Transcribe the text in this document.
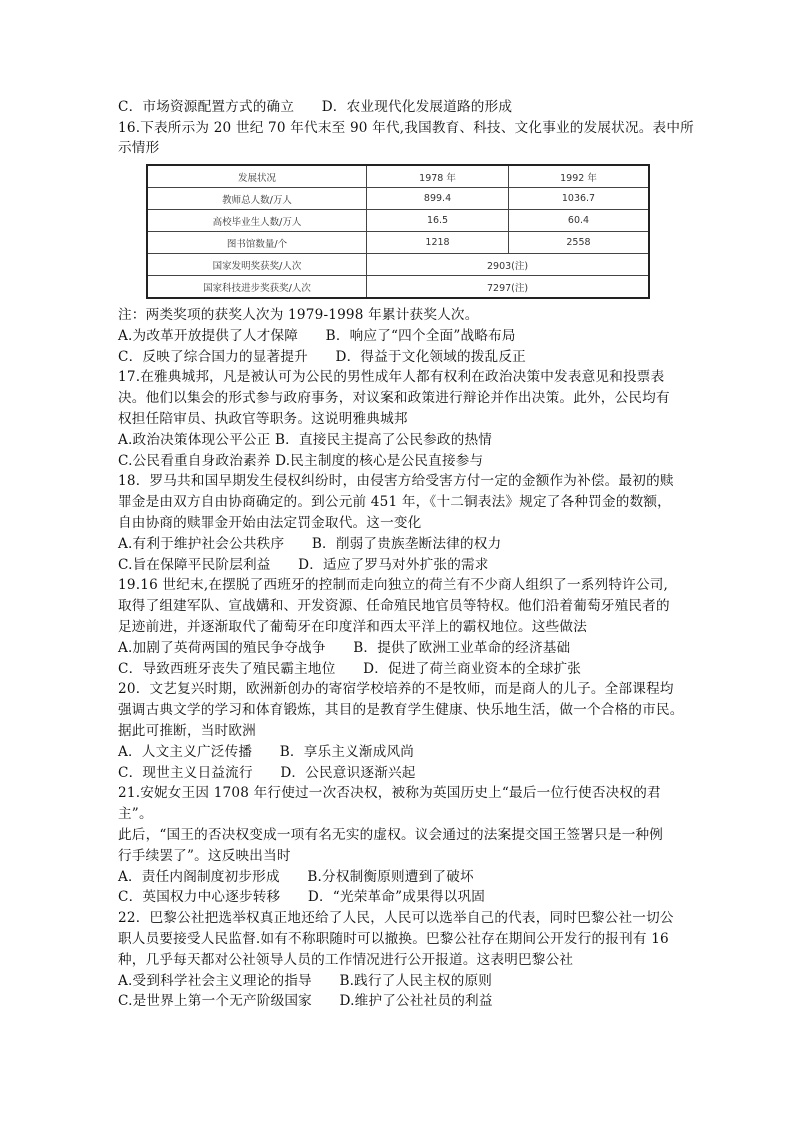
C．市场资源配置方式的确立　　D．农业现代化发展道路的形成
16.下表所示为 20 世纪 70 年代末至 90 年代,我国教育、科技、文化事业的发展状况。表中所
示情形
发展状况	1978 年	1992 年
教师总人数/万人	899.4	1036.7
高校毕业生人数/万人	16.5	60.4
图书馆数量/个	1218	2558
国家发明奖获奖/人次	2903(注)	
国家科技进步奖获奖/人次	7297(注)	
注：两类奖项的获奖人次为 1979-1998 年累计获奖人次。
A.为改革开放提供了人才保障　　B．响应了“四个全面”战略布局
C．反映了综合国力的显著提升　　D．得益于文化领域的拨乱反正
17.在雅典城邦，凡是被认可为公民的男性成年人都有权利在政治决策中发表意见和投票表
决。他们以集会的形式参与政府事务，对议案和政策进行辩论并作出决策。此外，公民均有
权担任陪审员、执政官等职务。这说明雅典城邦
A.政治决策体现公平公正 B．直接民主提高了公民参政的热情
C.公民看重自身政治素养 D.民主制度的核心是公民直接参与
18．罗马共和国早期发生侵权纠纷时，由侵害方给受害方付一定的金额作为补偿。最初的赎
罪金是由双方自由协商确定的。到公元前 451 年，《十二铜表法》规定了各种罚金的数额，
自由协商的赎罪金开始由法定罚金取代。这一变化
A.有利于维护社会公共秩序　　B．削弱了贵族垄断法律的权力
C.旨在保障平民阶层利益　　D．适应了罗马对外扩张的需求
19.16 世纪末,在摆脱了西班牙的控制而走向独立的荷兰有不少商人组织了一系列特许公司,
取得了组建军队、宣战媾和、开发资源、任命殖民地官员等特权。他们沿着葡萄牙殖民者的
足迹前进，并逐渐取代了葡萄牙在印度洋和西太平洋上的霸权地位。这些做法
A.加剧了英荷两国的殖民争夺战争　　B．提供了欧洲工业革命的经济基础
C．导致西班牙丧失了殖民霸主地位　　D．促进了荷兰商业资本的全球扩张
20．文艺复兴时期，欧洲新创办的寄宿学校培养的不是牧师，而是商人的儿子。全部课程均
强调古典文学的学习和体育锻炼，其目的是教育学生健康、快乐地生活，做一个合格的市民。
据此可推断，当时欧洲
A．人文主义广泛传播　　B．享乐主义渐成风尚
C．现世主义日益流行　　D．公民意识逐渐兴起
21.安妮女王因 1708 年行使过一次否决权，被称为英国历史上“最后一位行使否决权的君
主”。
此后，“国王的否决权变成一项有名无实的虚权。议会通过的法案提交国王签署只是一种例
行手续罢了”。这反映出当时
A．责任内阁制度初步形成　　B.分权制衡原则遭到了破坏
C．英国权力中心逐步转移　　D．“光荣革命”成果得以巩固
22．巴黎公社把选举权真正地还给了人民，人民可以选举自己的代表，同时巴黎公社一切公
职人员要接受人民监督.如有不称职随时可以撤换。巴黎公社存在期间公开发行的报刊有 16
种，几乎每天都对公社领导人员的工作情况进行公开报道。这表明巴黎公社
A.受到科学社会主义理论的指导　　B.践行了人民主权的原则
C.是世界上第一个无产阶级国家　　D.维护了公社社员的利益
